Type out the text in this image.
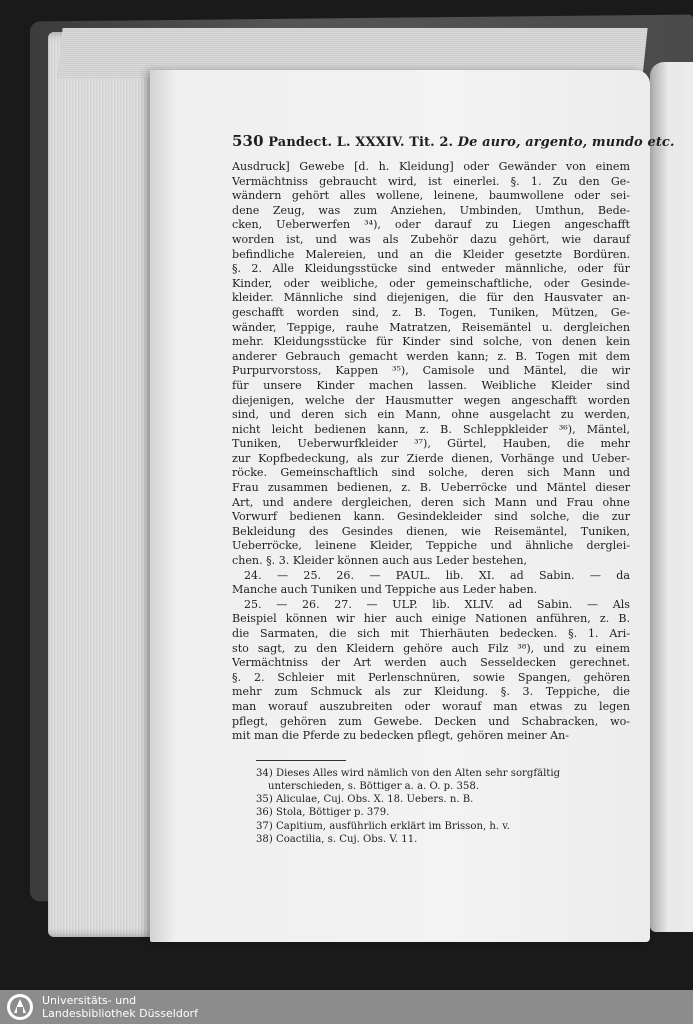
530 Pandect. L. XXXIV. Tit. 2. De auro, argento, mundo etc.
Ausdruck] Gewebe [d. h. Kleidung] oder Gewänder von einem
Vermächtniss gebraucht wird, ist einerlei. §. 1. Zu den Ge-
wändern gehört alles wollene, leinene, baumwollene oder sei-
dene Zeug, was zum Anziehen, Umbinden, Umthun, Bede-
cken, Ueberwerfen ³⁴), oder darauf zu Liegen angeschafft
worden ist, und was als Zubehör dazu gehört, wie darauf
befindliche Malereien, und an die Kleider gesetzte Bordüren.
§. 2. Alle Kleidungsstücke sind entweder männliche, oder für
Kinder, oder weibliche, oder gemeinschaftliche, oder Gesinde-
kleider. Männliche sind diejenigen, die für den Hausvater an-
geschafft worden sind, z. B. Togen, Tuniken, Mützen, Ge-
wänder, Teppige, rauhe Matratzen, Reisemäntel u. dergleichen
mehr. Kleidungsstücke für Kinder sind solche, von denen kein
anderer Gebrauch gemacht werden kann; z. B. Togen mit dem
Purpurvorstoss, Kappen ³⁵), Camisole und Mäntel, die wir
für unsere Kinder machen lassen. Weibliche Kleider sind
diejenigen, welche der Hausmutter wegen angeschafft worden
sind, und deren sich ein Mann, ohne ausgelacht zu werden,
nicht leicht bedienen kann, z. B. Schleppkleider ³⁶), Mäntel,
Tuniken, Ueberwurfkleider ³⁷), Gürtel, Hauben, die mehr
zur Kopfbedeckung, als zur Zierde dienen, Vorhänge und Ueber-
röcke. Gemeinschaftlich sind solche, deren sich Mann und
Frau zusammen bedienen, z. B. Ueberröcke und Mäntel dieser
Art, und andere dergleichen, deren sich Mann und Frau ohne
Vorwurf bedienen kann. Gesindekleider sind solche, die zur
Bekleidung des Gesindes dienen, wie Reisemäntel, Tuniken,
Ueberröcke, leinene Kleider, Teppiche und ähnliche derglei-
chen. §. 3. Kleider können auch aus Leder bestehen,
24. — 25. 26. — PAUL. lib. XI. ad Sabin. — da
Manche auch Tuniken und Teppiche aus Leder haben.
25. — 26. 27. — ULP. lib. XLIV. ad Sabin. — Als
Beispiel können wir hier auch einige Nationen anführen, z. B.
die Sarmaten, die sich mit Thierhäuten bedecken. §. 1. Ari-
sto sagt, zu den Kleidern gehöre auch Filz ³⁸), und zu einem
Vermächtniss der Art werden auch Sesseldecken gerechnet.
§. 2. Schleier mit Perlenschnüren, sowie Spangen, gehören
mehr zum Schmuck als zur Kleidung. §. 3. Teppiche, die
man worauf auszubreiten oder worauf man etwas zu legen
pflegt, gehören zum Gewebe. Decken und Schabracken, wo-
mit man die Pferde zu bedecken pflegt, gehören meiner An-
34) Dieses Alles wird nämlich von den Alten sehr sorgfältig
unterschieden, s. Böttiger a. a. O. p. 358.
35) Aliculae, Cuj. Obs. X. 18. Uebers. n. B.
36) Stola, Böttiger p. 379.
37) Capitium, ausführlich erklärt im Brisson, h. v.
38) Coactilia, s. Cuj. Obs. V. 11.
Universitäts- und
Landesbibliothek Düsseldorf
